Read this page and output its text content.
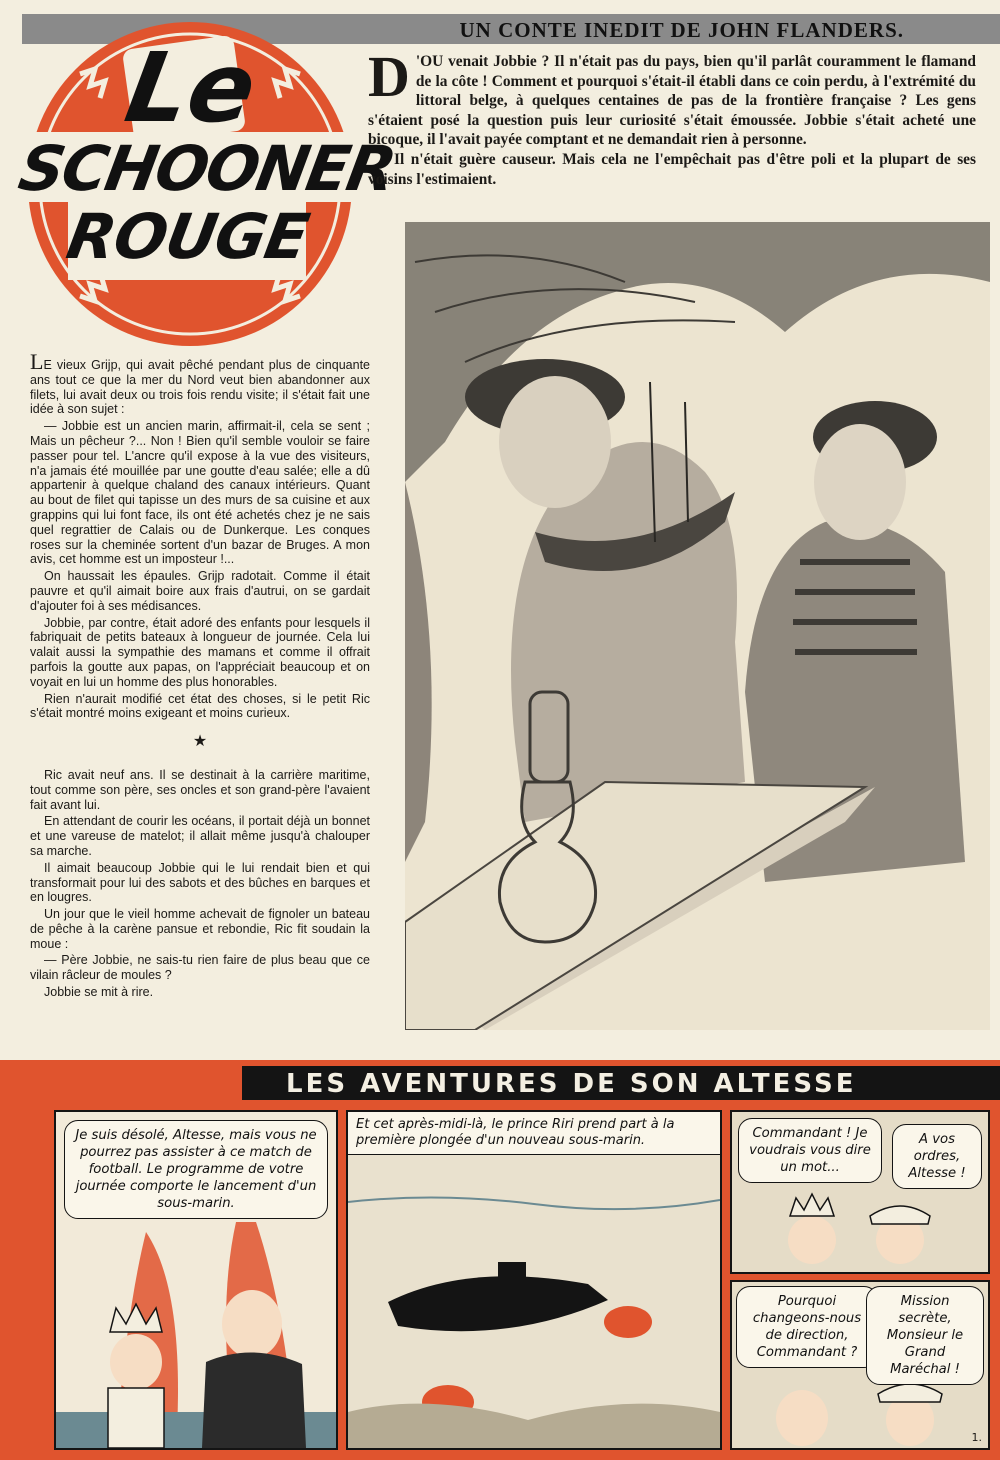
UN CONTE INEDIT DE JOHN FLANDERS.
Le
SCHOONER
ROUGE

D 'OU venait Jobbie ? Il n'était pas du pays, bien qu'il parlât couramment le flamand de la côte ! Comment et pourquoi s'était-il établi dans ce coin perdu, à l'extrémité du littoral belge, à quelques centaines de pas de la frontière française ? Les gens s'étaient posé la question puis leur curiosité s'était émoussée. Jobbie s'était acheté une bicoque, il l'avait payée comptant et ne demandait rien à personne.

Il n'était guère causeur. Mais cela ne l'empêchait pas d'être poli et la plupart de ses voisins l'estimaient.

LE vieux Grijp, qui avait pêché pendant plus de cinquante ans tout ce que la mer du Nord veut bien abandonner aux filets, lui avait deux ou trois fois rendu visite; il s'était fait une idée à son sujet :

— Jobbie est un ancien marin, affirmait-il, cela se sent ; Mais un pêcheur ?... Non ! Bien qu'il semble vouloir se faire passer pour tel. L'ancre qu'il expose à la vue des visiteurs, n'a jamais été mouillée par une goutte d'eau salée; elle a dû appartenir à quelque chaland des canaux intérieurs. Quant au bout de filet qui tapisse un des murs de sa cuisine et aux grappins qui lui font face, ils ont été achetés chez je ne sais quel regrattier de Calais ou de Dunkerque. Les conques roses sur la cheminée sortent d'un bazar de Bruges. A mon avis, cet homme est un imposteur !...

On haussait les épaules. Grijp radotait. Comme il était pauvre et qu'il aimait boire aux frais d'autrui, on se gardait d'ajouter foi à ses médisances.

Jobbie, par contre, était adoré des enfants pour lesquels il fabriquait de petits bateaux à longueur de journée. Cela lui valait aussi la sympathie des mamans et comme il offrait parfois la goutte aux papas, on l'appréciait beaucoup et on voyait en lui un homme des plus honorables.

Rien n'aurait modifié cet état des choses, si le petit Ric s'était montré moins exigeant et moins curieux.

★

Ric avait neuf ans. Il se destinait à la carrière maritime, tout comme son père, ses oncles et son grand-père l'avaient fait avant lui.

En attendant de courir les océans, il portait déjà un bonnet et une vareuse de matelot; il allait même jusqu'à chalouper sa marche.

Il aimait beaucoup Jobbie qui le lui rendait bien et qui transformait pour lui des sabots et des bûches en barques et en lougres.

Un jour que le vieil homme achevait de fignoler un bateau de pêche à la carène pansue et rebondie, Ric fit soudain la moue :

— Père Jobbie, ne sais-tu rien faire de plus beau que ce vilain râcleur de moules ?

Jobbie se mit à rire.

LES AVENTURES DE SON ALTESSE
Je suis désolé, Altesse, mais vous ne pourrez pas assister à ce match de football. Le programme de votre journée comporte le lancement d'un sous-marin.
Et cet après-midi-là, le prince Riri prend part à la première plongée d'un nouveau sous-marin.	Commandant ! Je voudrais vous dire un mot...
A vos ordres, Altesse !
Pourquoi changeons-nous de direction, Commandant ?
Mission secrète, Monsieur le Grand Maréchal !
1.
